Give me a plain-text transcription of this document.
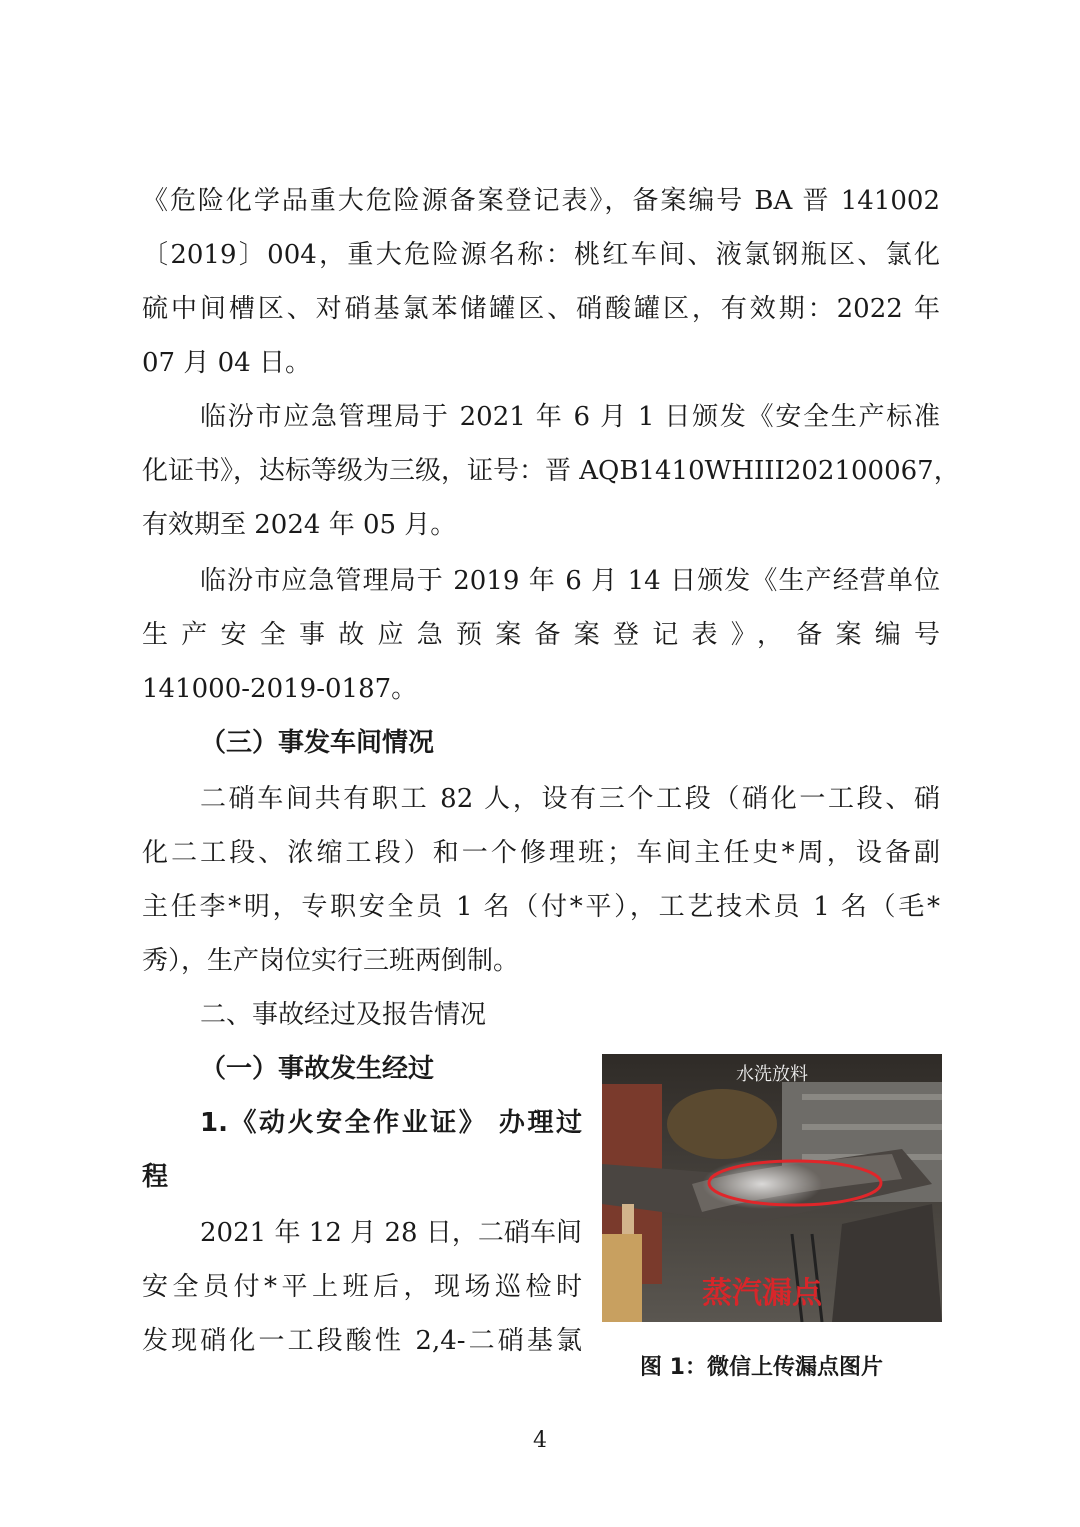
《危险化学品重大危险源备案登记表》，备案编号 BA 晋 141002
〔2019〕004，重大危险源名称：桃红车间、液氯钢瓶区、氯化
硫中间槽区、对硝基氯苯储罐区、硝酸罐区，有效期：2022 年
07 月 04 日。
临汾市应急管理局于 2021 年 6 月 1 日颁发《安全生产标准
化证书》，达标等级为三级，证号：晋 AQB1410WHIII202100067，
有效期至 2024 年 05 月。
临汾市应急管理局于 2019 年 6 月 14 日颁发《生产经营单位
生产安全事故应急预案备案登记表》，备案编号
141000-2019-0187。
（三）事发车间情况
二硝车间共有职工 82 人，设有三个工段（硝化一工段、硝
化二工段、浓缩工段）和一个修理班；车间主任史*周，设备副
主任李*明，专职安全员 1 名（付*平），工艺技术员 1 名（毛*
秀），生产岗位实行三班两倒制。
二、事故经过及报告情况
（一）事故发生经过
1.《动火安全作业证》 办理过
程
2021 年 12 月 28 日，二硝车间
安全员付*平上班后，现场巡检时
发现硝化一工段酸性 2,4-二硝基氯
水洗放料
蒸汽漏点
图 1：微信上传漏点图片
4
